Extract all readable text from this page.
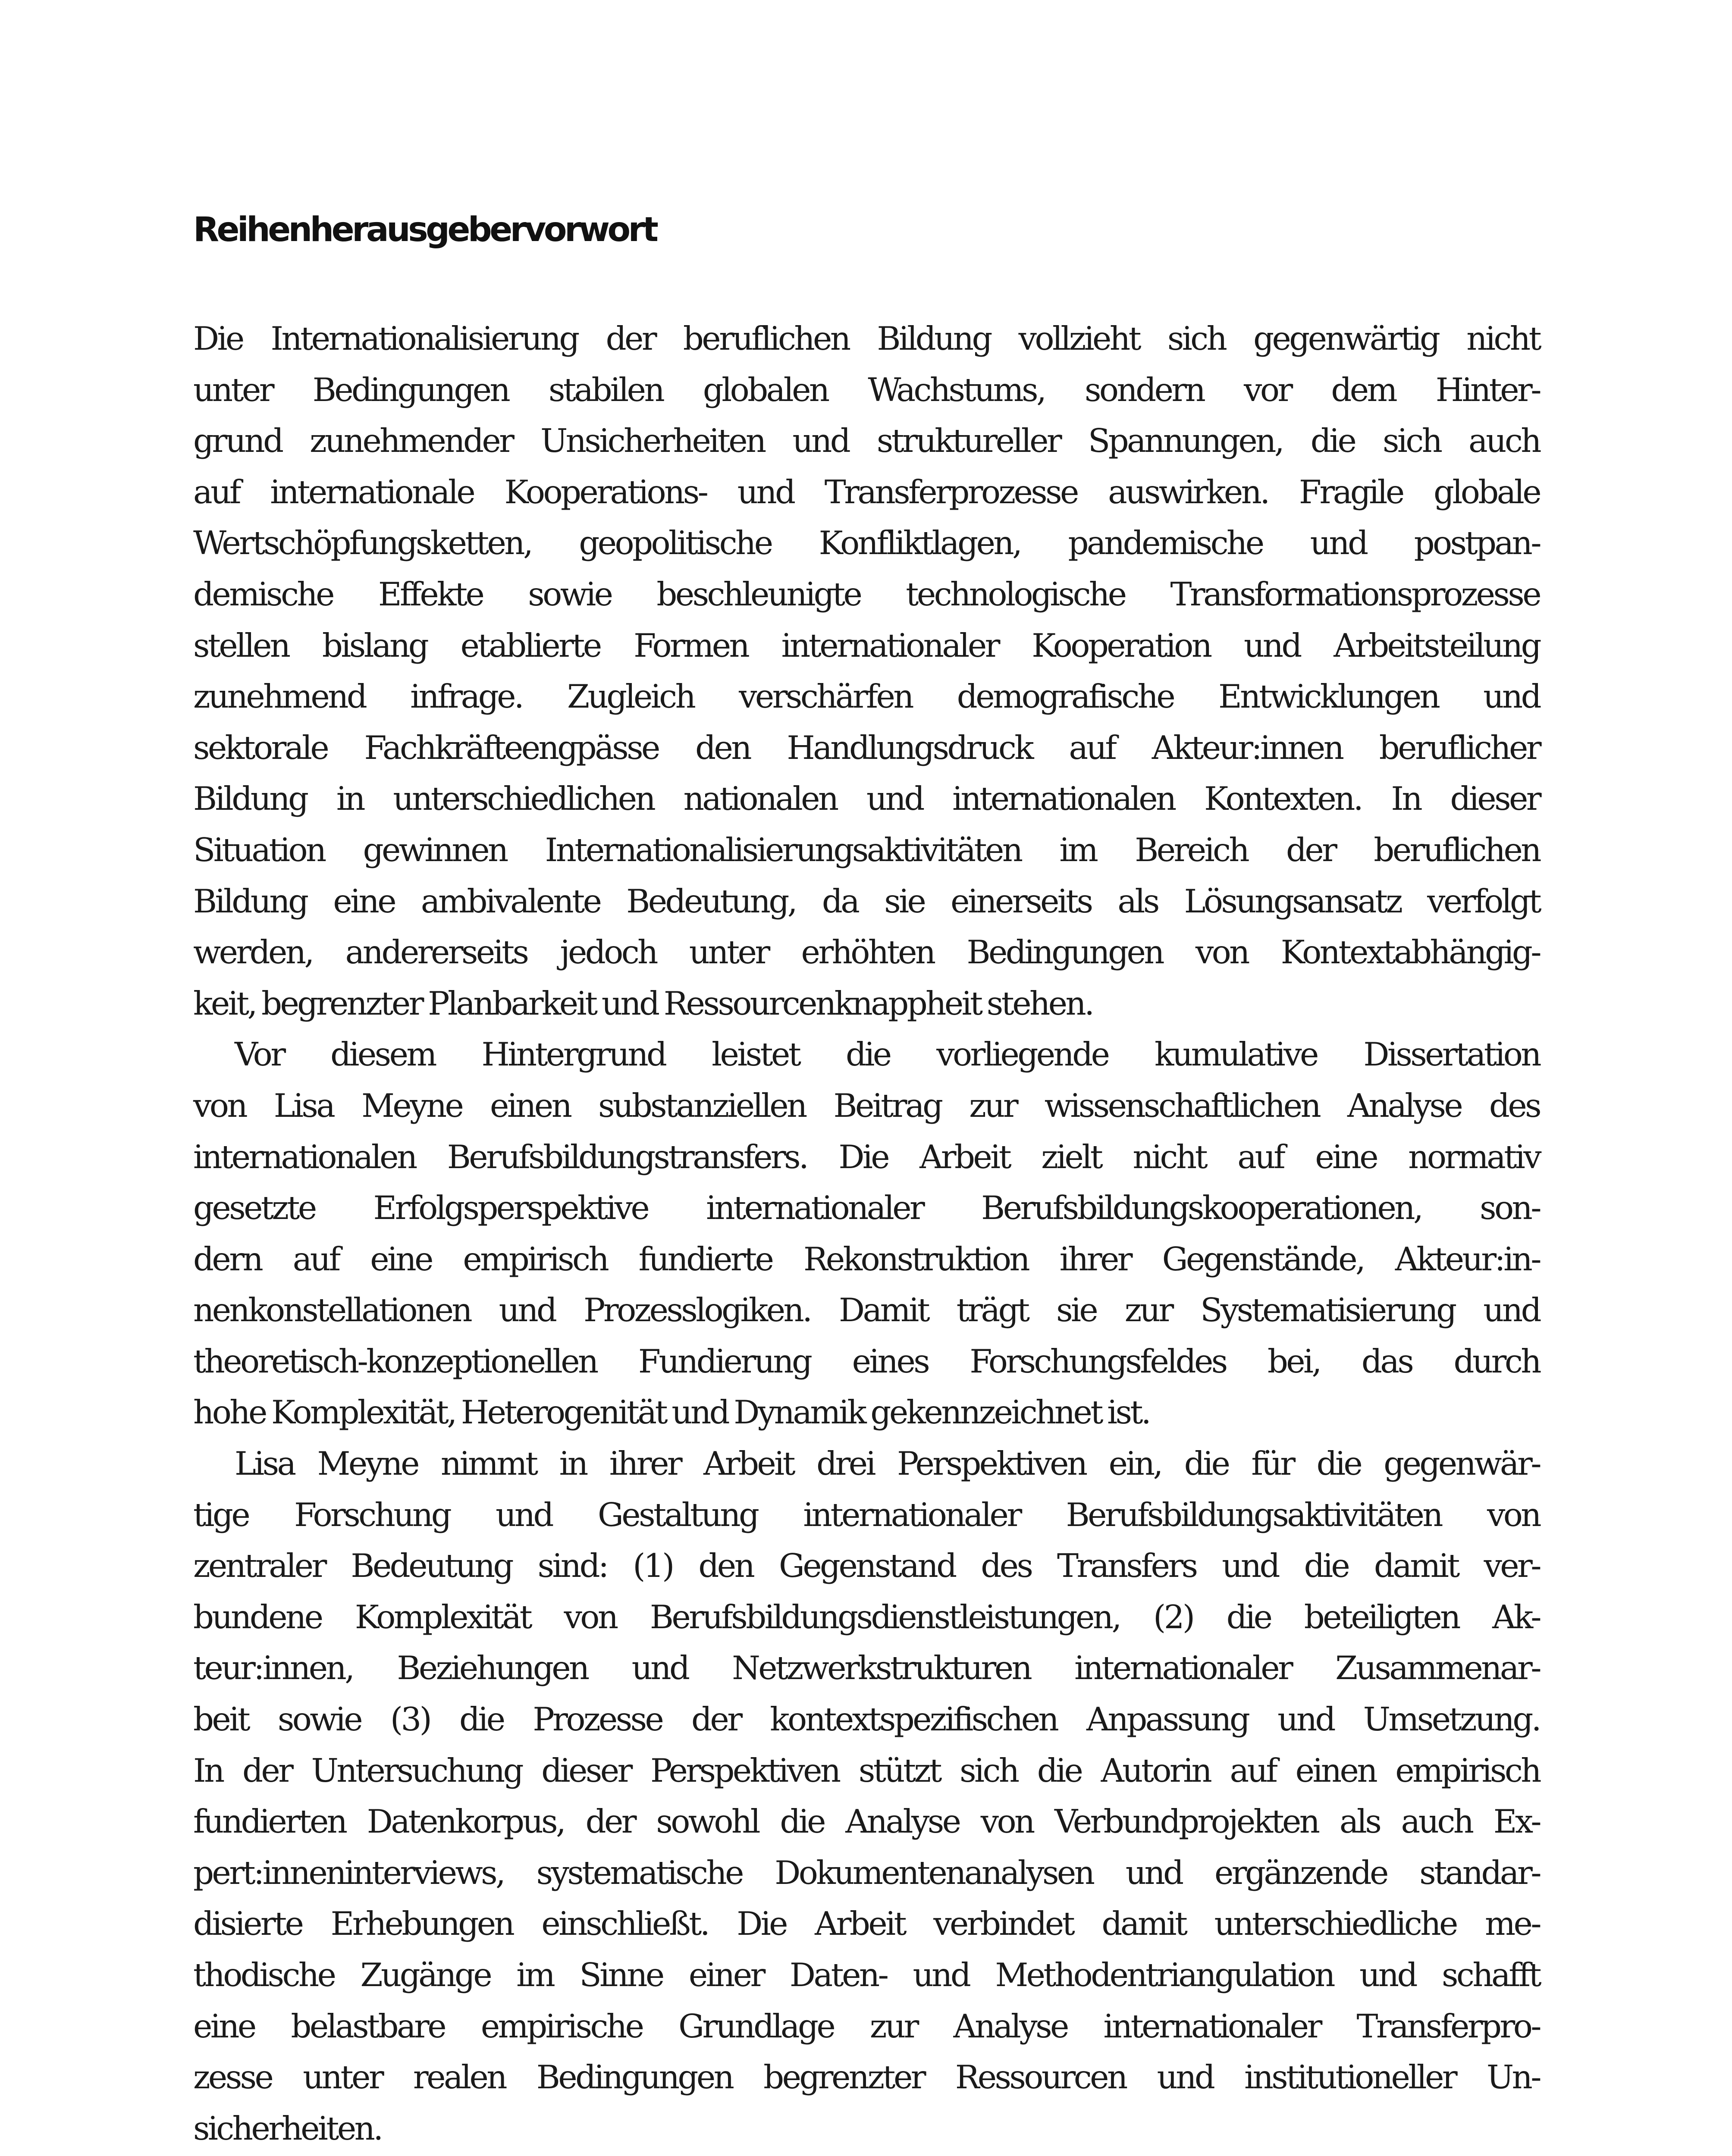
Reihenherausgebervorwort
Die Internationalisierung der beruflichen Bildung vollzieht sich gegenwärtig nicht
unter Bedingungen stabilen globalen Wachstums, sondern vor dem Hinter-
grund zunehmender Unsicherheiten und struktureller Spannungen, die sich auch
auf internationale Kooperations- und Transferprozesse auswirken. Fragile globale
Wertschöpfungsketten, geopolitische Konfliktlagen, pandemische und postpan-
demische Effekte sowie beschleunigte technologische Transformationsprozesse
stellen bislang etablierte Formen internationaler Kooperation und Arbeitsteilung
zunehmend infrage. Zugleich verschärfen demografische Entwicklungen und
sektorale Fachkräfteengpässe den Handlungsdruck auf Akteur:innen beruflicher
Bildung in unterschiedlichen nationalen und internationalen Kontexten. In dieser
Situation gewinnen Internationalisierungsaktivitäten im Bereich der beruflichen
Bildung eine ambivalente Bedeutung, da sie einerseits als Lösungsansatz verfolgt
werden, andererseits jedoch unter erhöhten Bedingungen von Kontextabhängig-
keit, begrenzter Planbarkeit und Ressourcenknappheit stehen.
Vor diesem Hintergrund leistet die vorliegende kumulative Dissertation
von Lisa Meyne einen substanziellen Beitrag zur wissenschaftlichen Analyse des
internationalen Berufsbildungstransfers. Die Arbeit zielt nicht auf eine normativ
gesetzte Erfolgsperspektive internationaler Berufsbildungskooperationen, son-
dern auf eine empirisch fundierte Rekonstruktion ihrer Gegenstände, Akteur:in-
nenkonstellationen und Prozesslogiken. Damit trägt sie zur Systematisierung und
theoretisch-konzeptionellen Fundierung eines Forschungsfeldes bei, das durch
hohe Komplexität, Heterogenität und Dynamik gekennzeichnet ist.
Lisa Meyne nimmt in ihrer Arbeit drei Perspektiven ein, die für die gegenwär-
tige Forschung und Gestaltung internationaler Berufsbildungsaktivitäten von
zentraler Bedeutung sind: (1) den Gegenstand des Transfers und die damit ver-
bundene Komplexität von Berufsbildungsdienstleistungen, (2) die beteiligten Ak-
teur:innen, Beziehungen und Netzwerkstrukturen internationaler Zusammenar-
beit sowie (3) die Prozesse der kontextspezifischen Anpassung und Umsetzung.
In der Untersuchung dieser Perspektiven stützt sich die Autorin auf einen empirisch
fundierten Datenkorpus, der sowohl die Analyse von Verbundprojekten als auch Ex-
pert:inneninterviews, systematische Dokumentenanalysen und ergänzende standar-
disierte Erhebungen einschließt. Die Arbeit verbindet damit unterschiedliche me-
thodische Zugänge im Sinne einer Daten- und Methodentriangulation und schafft
eine belastbare empirische Grundlage zur Analyse internationaler Transferpro-
zesse unter realen Bedingungen begrenzter Ressourcen und institutioneller Un-
sicherheiten.
